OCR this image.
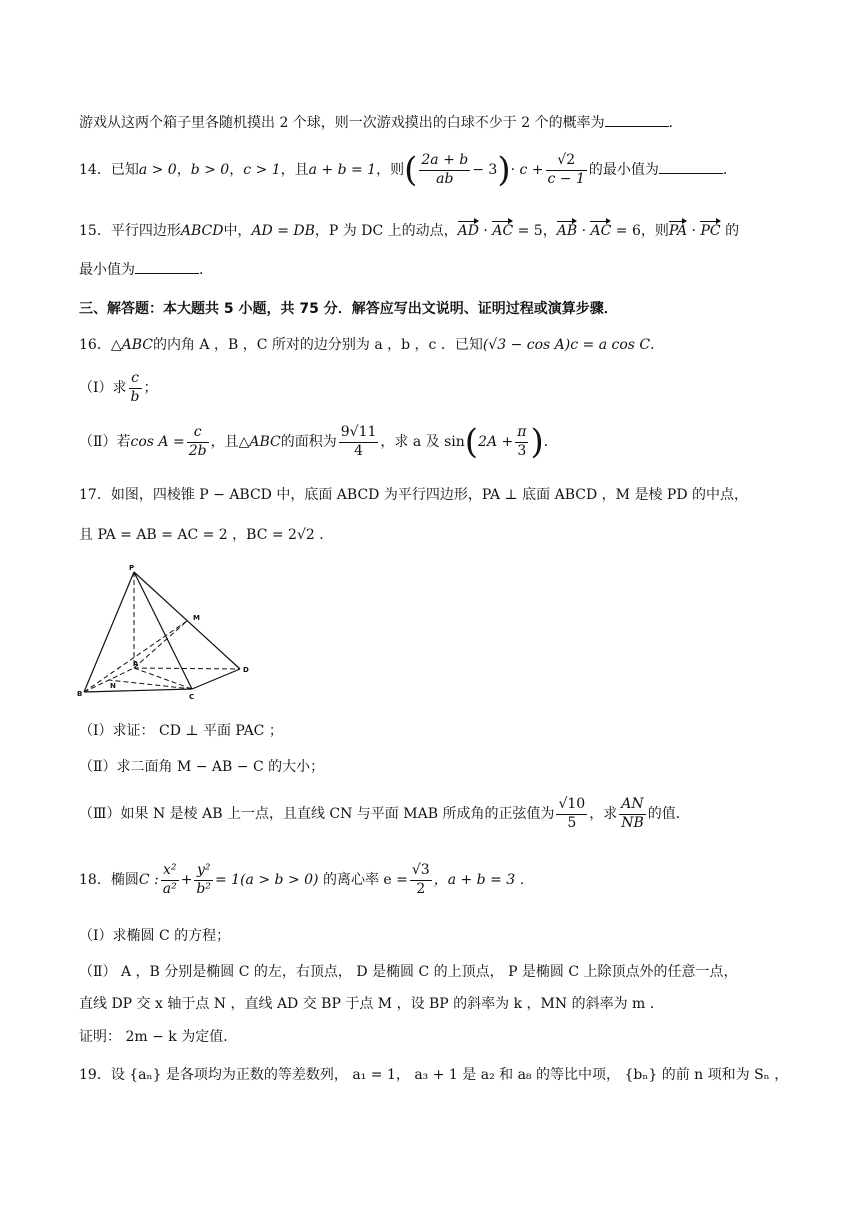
游戏从这两个箱子里各随机摸出 2 个球，则一次游戏摸出的白球不少于 2 个的概率为	．
14．已知a > 0，b > 0，c > 1，且a + b = 1，则( $\frac{2a + b}{ab} - 3)\cdot c + \frac{√2}{c - 1}$ 的最小值为	．
15．平行四边形ABCD中，AD = DB，P 为 DC 上的动点，AD · AC = 5，AB · AC = 6，则PA · PC 的
最小值为	．
三、解答题：本大题共 5 小题，共 75 分．解答应写出文说明、证明过程或演算步骤．
16．△ABC的内角 A ，B ，C 所对的边分别为 a ，b ，c ．已知(√3 − cos A)c = a cos C．
（Ⅰ）求 $\frac{c}{b}$ ；
（Ⅱ）若$\cos A = \frac{c}{2b}$ ，且△ABC的面积为 $\frac{9√11}{4}$ ，求 a 及 $\sin(2A + \frac{\pi}{3}$ )．
17．如图，四棱锥 P − ABCD 中，底面 ABCD 为平行四边形，PA ⊥ 底面 ABCD ，M 是棱 PD 的中点，
且 PA = AB = AC = 2 ，BC = 2√2 ．
P
M
A
D
B
N
C
（Ⅰ）求证： CD ⊥ 平面 PAC ；
（Ⅱ）求二面角 M − AB − C 的大小；
（Ⅲ）如果 N 是棱 AB 上一点，且直线 CN 与平面 MAB 所成角的正弦值为 $\frac{√10}{5}$ ，求 $\frac{AN}{NB}$ 的值．
18．椭圆C : $\frac{\text{x²}}{\text{a²}} + \frac{\text{y²}}{\text{b²}} = 1(a > b > 0)$ 的离心率 $e = \frac{√3}{2}$ ，a + b = 3 ．
（Ⅰ）求椭圆 C 的方程；
（Ⅱ） A ，B 分别是椭圆 C 的左，右顶点， D 是椭圆 C 的上顶点， P 是椭圆 C 上除顶点外的任意一点，
直线 DP 交 x 轴于点 N ，直线 AD 交 BP 于点 M ，设 BP 的斜率为 k ，MN 的斜率为 m ．
证明： 2m − k 为定值．
19．设 {aₙ} 是各项均为正数的等差数列， a₁ = 1， a₃ + 1 是 a₂ 和 a₈ 的等比中项， {bₙ} 的前 n 项和为 Sₙ ，
